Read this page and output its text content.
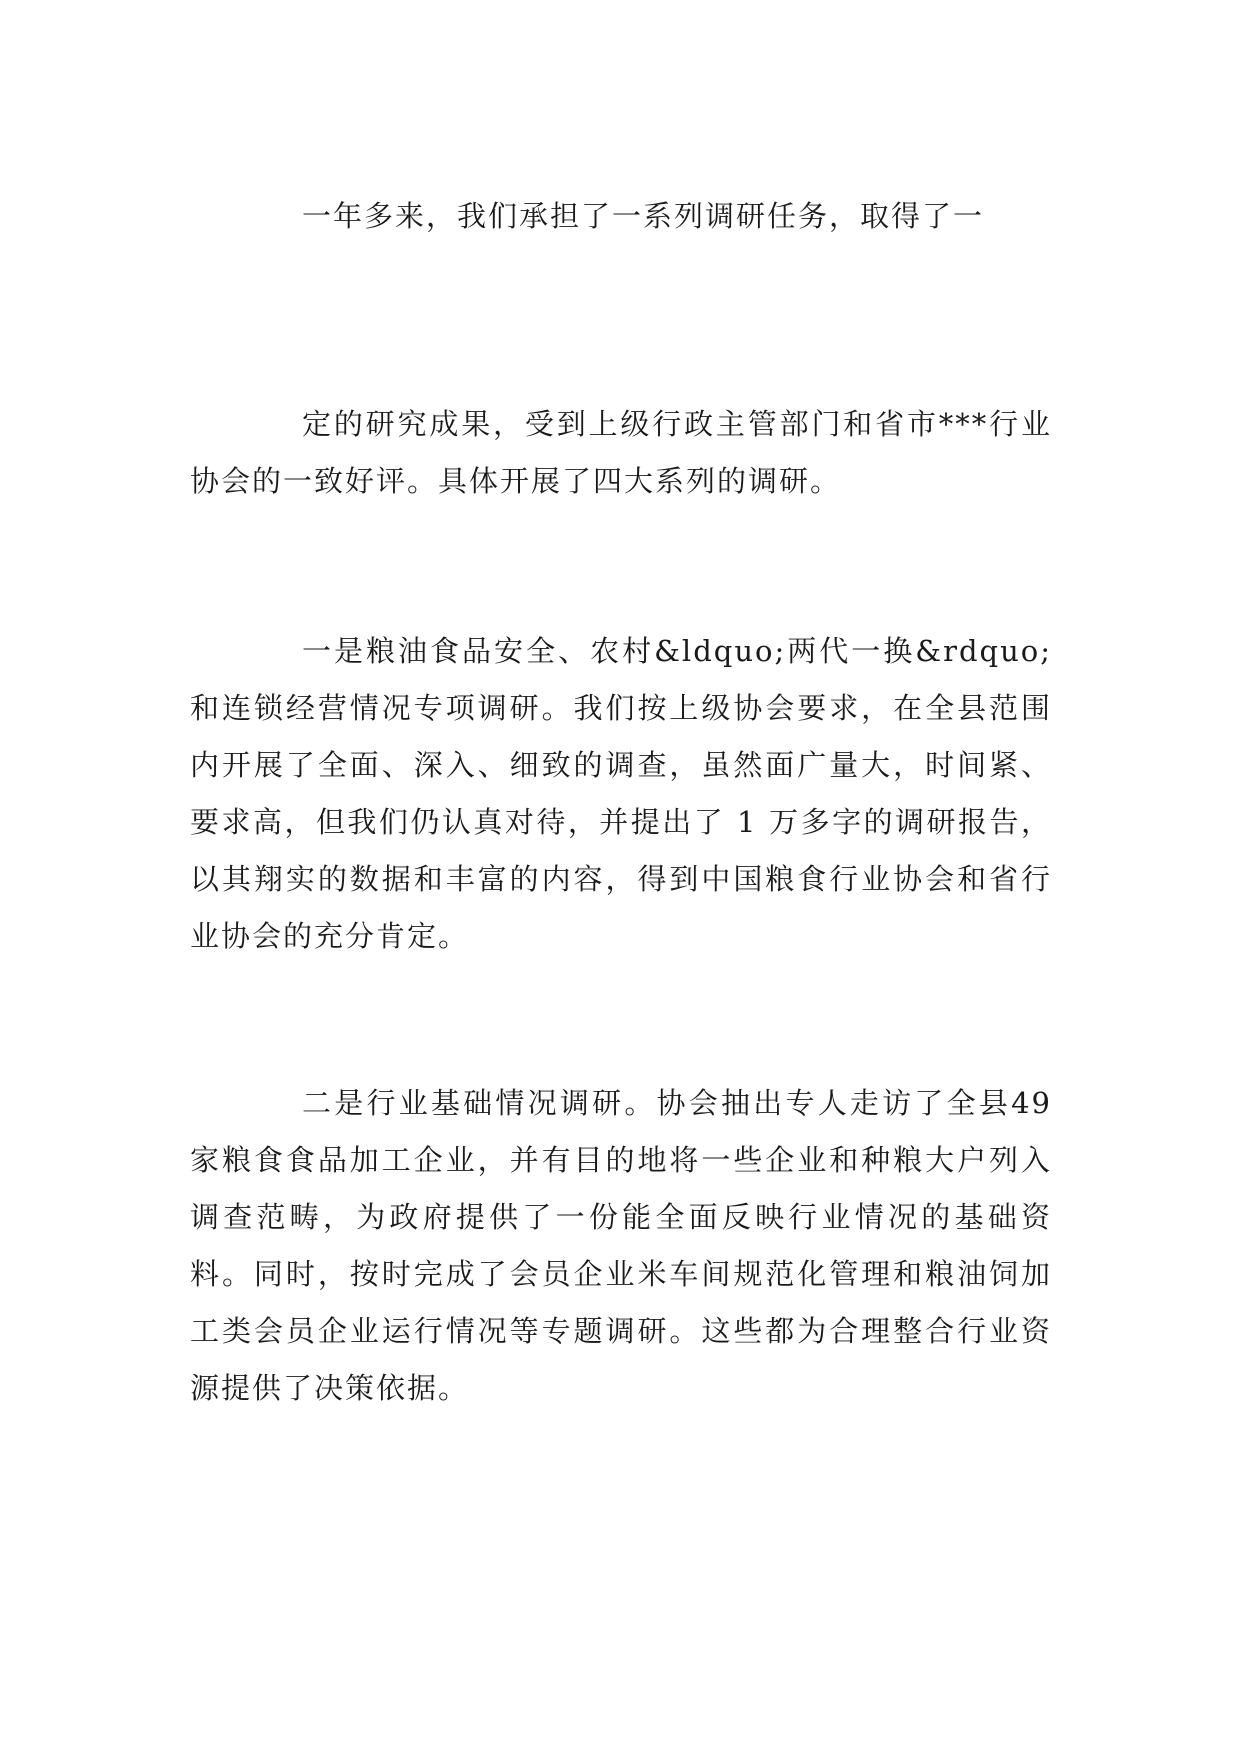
一年多来，我们承担了一系列调研任务，取得了一

定的研究成果，受到上级行政主管部门和省市***行业协会的一致好评。具体开展了四大系列的调研。

一是粮油食品安全、农村&ldquo;两代一换&rdquo;和连锁经营情况专项调研。我们按上级协会要求，在全县范围内开展了全面、深入、细致的调查，虽然面广量大，时间紧、要求高，但我们仍认真对待，并提出了 1 万多字的调研报告，以其翔实的数据和丰富的内容，得到中国粮食行业协会和省行业协会的充分肯定。

二是行业基础情况调研。协会抽出专人走访了全县49家粮食食品加工企业，并有目的地将一些企业和种粮大户列入调查范畴，为政府提供了一份能全面反映行业情况的基础资料。同时，按时完成了会员企业米车间规范化管理和粮油饲加工类会员企业运行情况等专题调研。这些都为合理整合行业资源提供了决策依据。
